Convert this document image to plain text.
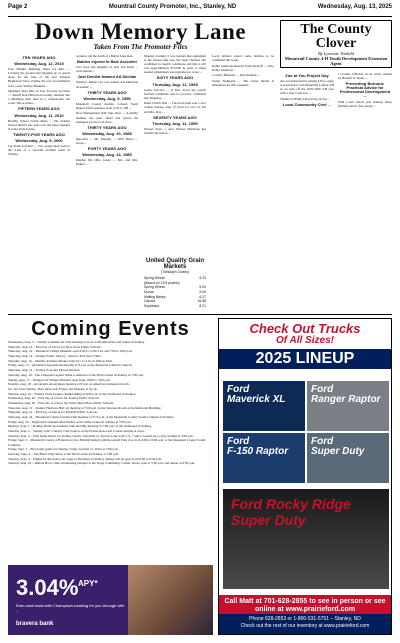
Page 2	Mountrail County Promoter, Inc., Stanley, ND	Wednesday, Aug. 13, 2025
Down Memory Lane
Taken From The Promoter Files
TEN YEARS AGO
Wednesday, Aug. 12, 2015

Four Heights Building Takes Up Rise — Leveling the ground and bringing up as gravel slope for the base of the new Modern Hometown Store. Farther the cost was estimated to be a new Stanley Business ...

Michigan Man Dies in Gas Fracture Accident — Sheriff Ken Halverson recently released that a Michigan man died in a construction site crash. The accident ...

FIFTEEN YEARS AGO
Wednesday, Aug. 11, 2010

Healthy School Lunch Rules ... The Stanley School District has gone over the latest changes in school lunch rules...

TWENTY-FIVE YEARS AGO
Wednesday, Aug. 9, 2000

Car-Train Accident — Two young men went to the scene of a car-train accident north of Stanley...

crossbar and the death of a Berlin Lake man.

Babies Injured In Bale Accident

Two boys, the daughter of Don and Kristi ... were injured ...

Just Dentist Named All-Sicilian

Stanley's Ruben Lee was named All-American Academic ...

THIRTY YEARS AGO
Wednesday, Aug. 9, 1995

Mountrail County Auditor Colleen North Dakota Farm operators state to 93 to 100 ...

New Management Will Take Over — A family member has gone ahead and placed the managers for the local store...

THIRTY YEARS AGO
Wednesday, Aug. 10, 1985

Reported — Mr. Monday ... Wild Dance ... hoops...

FORTY YEARS AGO
Wednesday, Aug. 14, 1985

Ralphie Mr. Ohio Grade — Mrs. and Mrs. Daniel ...

Monday evening, it was learned that equipment at the intersecting area has been checked and confirmed for health conditions, and that it will cost approximately $75,000 in order to make needed adjustments and upgrades for water ...

SIXTY YEARS AGO
Thursday, Aug. 12, 1965

Gaelic Practice — A New Town day Gaelic football committee rule for practice confirmed last Thursday ...

Rams Clinch Title — The local team won a 14-0 contest Sunday, Aug. 27 from 2-3 over St. Pat and Mrs. Ray ...

SEVENTY YEARS AGO
Thursday, Aug. 11, 1955

Pioneer Pops — Also Pioneer Hardware has notified the nation ...

Local farmers expect some lunches to be confirmed this week.

Kathy Anderson Returns From Kickoff — Mrs. Kathy Anderson ...

Cowboy Blackout — Ken Darnum ...

Swine Stampede ... The swine hurdle is announced for this weekend...

United Quality Grain Markets
(Tuesday's Closes)
Spring Wheat	5.23
(Based on 14% protein)	
Spring Wheat	5.00
Durum	5.00
Malting Barley	6.27
Canola	16.58
Soybeans	8.21
The County
Clover
By Lynnette Vanlahl
Mountrail County 4-H Youth Development Extension Agent
Zoo at You Project Day

Are you interested in joining 4-H or eager to learn more? Join Mountrail County 4-H as we kick off the 2025-2026 4-H year with a visit to the Zoo ...

Thanks to FFAR 4-H activity on Zoo ...

Local Community Chef ...

I recently reflected on an article written by Heather N. Fuchs ...

Preventing Burnout: Practical Advice for Professional Development ...

With a new school year starting, many families tend to feel energy ...

Coming Events

Wednesday, Sept. 3 – Stanley Commercial Club meeting at noon at Mountrail Inn and Suites in Stanley.

Thursday, Aug. 14 – First day of school for New Town Public Schools.

Thursday, Aug. 14 – Mountrail Village Museum open 9:00 to 11:00 a.m. and 7:00 to 9:00 p.m.

Thursday, Aug. 14 – Stanley Public Library – Read to Yeti Story Time.

Saturday, Aug. 16 – Palermo Farmers Market from 9 to 11 a.m. in Wilson Park.

Friday, Aug. 15 – Alcoholics Anonymous meeting at 8 p.m. at the American Lutheran Church.

Thursday, Aug. 14 – Stanley Pool and Fitness Kitchen.

Saturday, Aug. 16 – The Cinegram regular shade to America at the Sibul Center in Stanley at 7:00 p.m.

Sunday, Aug. 17 – Ridgewood Village Museum open from 10:00 to 3:00 p.m.

Monday, Aug. 18 – Alcoholics Anonymous meeting at 8 p.m. at American Lutheran Church.

Jul. 18, 24 in Stanley. They meet each Friday and Monday at 8 p.m.

Tuesday, Aug. 19 – Stanley Farm League championship at 6:00 p.m. at the Clubhouse in Stanley.

Wednesday, Aug. 20 – First day of school for Stanley Public Schools.

Wednesday, Aug. 20 – First day of school for North Shore/Plaza Public Schools.

Thursday, Aug. 21 – Stanley Harrison Hall 1st meeting at 7:00 p.m. in the Veterans Room at the Memorial Building.

Thursday, Aug. 21 – First day of school for Parshall Public Schools.

Thursday, Aug. 24 – Mountrail County Garden Club meeting at 5:15 p.m. at the Mountrail County South Complex in Stanley.

Friday, Aug. 29 – Pegboard/Comedian Max Barker at the Sibul Center in Stanley at 7:00 p.m.

Monday, Sept. 1 – Rolling Plains Sportsmans Club monthly meeting at 7:00 p.m. at the clubhouse in Stanley.

Tuesday, Sept. 2 – Stanley Civic Country Club Seniors at the Prairie Rose Golf Course starting at noon.

Tuesday, Sept. 2 – First home match for Stanley varsity volleyball vs. Powers Lake with 5, 6, 7 and C squads set to play starting at 5:00 p.m.

Friday, Sept. 5 – Mountrail County 4-H hands on Zoo Exhibit Design with Roosevelt Park Zoo from 4:00 to 6:00 p.m. at the Mountrail County South Complex.

Friday, Sept. 5 – First home game for Stanley varsity football vs. Velva at 7:00 p.m.

Saturday, Sept. 6 – The Brent Gilly Show at the Sibul Center in Stanley at 7:00 p.m.

Tuesday, Sept. 9 – Flights for the indoor air range at The Rhos in Stanley. Range will be open from 6:30 to 8:30 p.m.

Tuesday, Sept. 16 – Dakota Hoor Clinic fundraising banquet at the Tioga Community Center. Doors open at 5:30 p.m. and dinner at 6:30 p.m.

3.04% APY*
Earn cash back with Champions banking for you through with ...
bravera bank
Check Out Trucks
Of All Sizes!
2025 LINEUP
Ford
Maverick XL
Ford
Ranger Raptor
Ford
F-150 Raptor
Ford
Super Duty
Ford Rocky Ridge
Super Duty
Call Matt at 701-628-2855 to see in person or see online at www.prairieford.com
Phone 628-2853 or 1-800-531-5751 – Stanley, ND
Check out the rest of our inventory at www.prairieford.com
